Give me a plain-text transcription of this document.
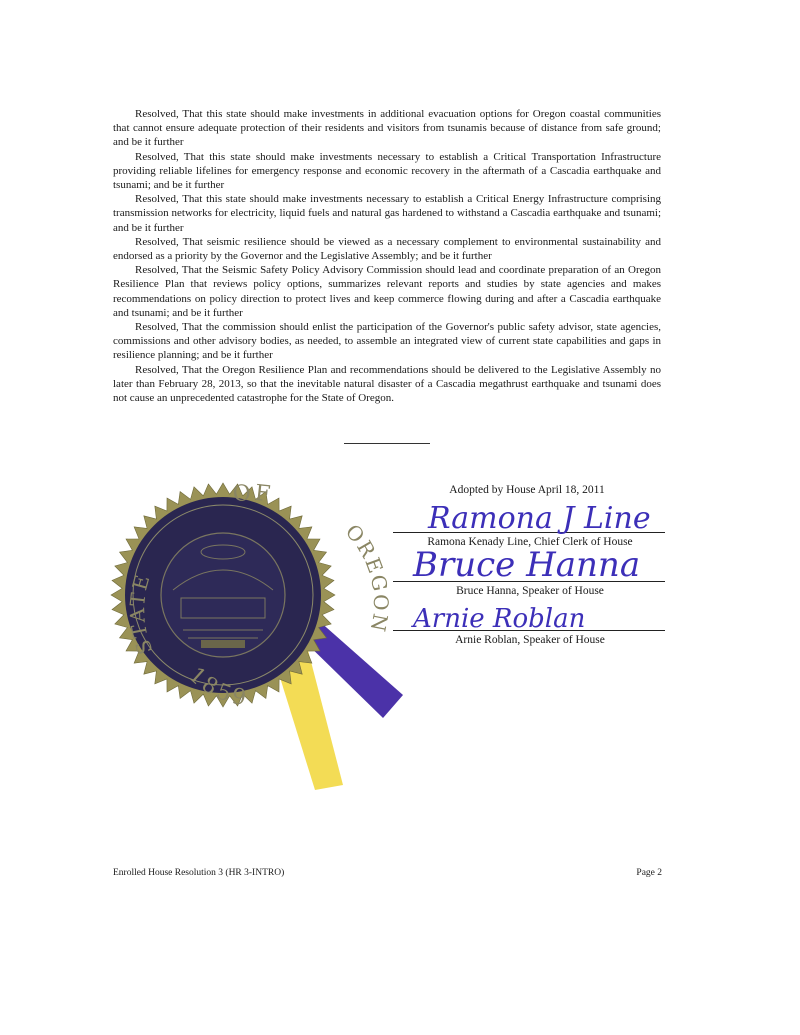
Resolved, That this state should make investments in additional evacuation options for Oregon coastal communities that cannot ensure adequate protection of their residents and visitors from tsunamis because of distance from safe ground; and be it further

Resolved, That this state should make investments necessary to establish a Critical Transportation Infrastructure providing reliable lifelines for emergency response and economic recovery in the aftermath of a Cascadia earthquake and tsunami; and be it further

Resolved, That this state should make investments necessary to establish a Critical Energy Infrastructure comprising transmission networks for electricity, liquid fuels and natural gas hardened to withstand a Cascadia earthquake and tsunami; and be it further

Resolved, That seismic resilience should be viewed as a necessary complement to environmental sustainability and endorsed as a priority by the Governor and the Legislative Assembly; and be it further

Resolved, That the Seismic Safety Policy Advisory Commission should lead and coordinate preparation of an Oregon Resilience Plan that reviews policy options, summarizes relevant reports and studies by state agencies and makes recommendations on policy direction to protect lives and keep commerce flowing during and after a Cascadia earthquake and tsunami; and be it further

Resolved, That the commission should enlist the participation of the Governor's public safety advisor, state agencies, commissions and other advisory bodies, as needed, to assemble an integrated view of current state capabilities and gaps in resilience planning; and be it further

Resolved, That the Oregon Resilience Plan and recommendations should be delivered to the Legislative Assembly no later than February 28, 2013, so that the inevitable natural disaster of a Cascadia megathrust earthquake and tsunami does not cause an unprecedented catastrophe for the State of Oregon.

OF
STATE
OREGON
1859
Adopted by House April 18, 2011
Ramona J Line
Ramona Kenady Line, Chief Clerk of House
Bruce Hanna
Bruce Hanna, Speaker of House
Arnie Roblan
Arnie Roblan, Speaker of House
Enrolled House Resolution 3 (HR 3-INTRO)	Page 2
